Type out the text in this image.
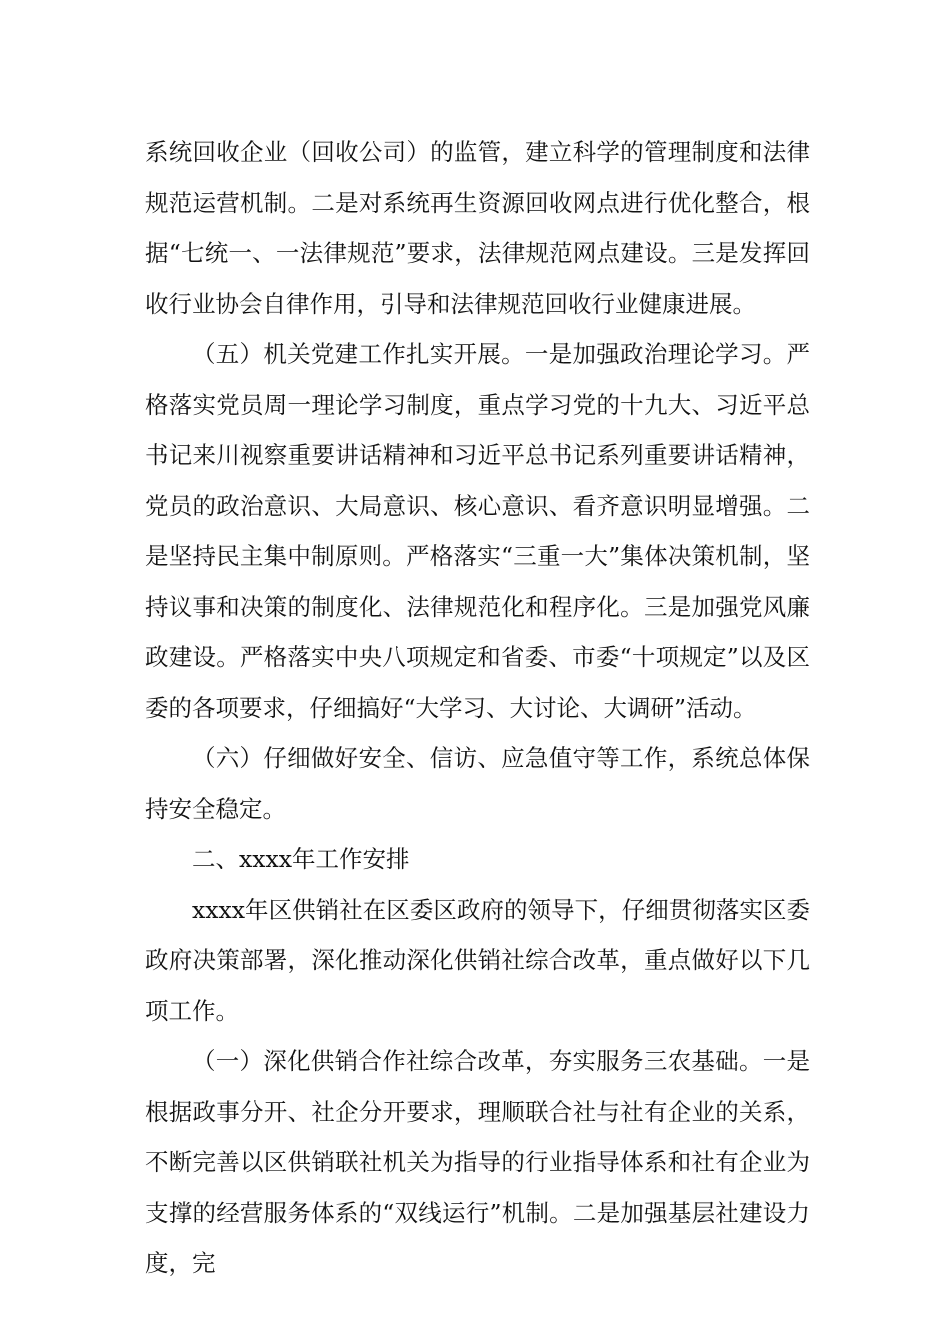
系统回收企业（回收公司）的监管，建立科学的管理制度和法律规范运营机制。二是对系统再生资源回收网点进行优化整合，根据“七统一、一法律规范”要求，法律规范网点建设。三是发挥回收行业协会自律作用，引导和法律规范回收行业健康进展。

（五）机关党建工作扎实开展。一是加强政治理论学习。严格落实党员周一理论学习制度，重点学习党的十九大、习近平总书记来川视察重要讲话精神和习近平总书记系列重要讲话精神，党员的政治意识、大局意识、核心意识、看齐意识明显增强。二是坚持民主集中制原则。严格落实“三重一大”集体决策机制，坚持议事和决策的制度化、法律规范化和程序化。三是加强党风廉政建设。严格落实中央八项规定和省委、市委“十项规定”以及区委的各项要求，仔细搞好“大学习、大讨论、大调研”活动。

（六）仔细做好安全、信访、应急值守等工作，系统总体保持安全稳定。

二、xxxx年工作安排

xxxx年区供销社在区委区政府的领导下，仔细贯彻落实区委政府决策部署，深化推动深化供销社综合改革，重点做好以下几项工作。

（一）深化供销合作社综合改革，夯实服务三农基础。一是根据政事分开、社企分开要求，理顺联合社与社有企业的关系，不断完善以区供销联社机关为指导的行业指导体系和社有企业为支撑的经营服务体系的“双线运行”机制。二是加强基层社建设力度，完
